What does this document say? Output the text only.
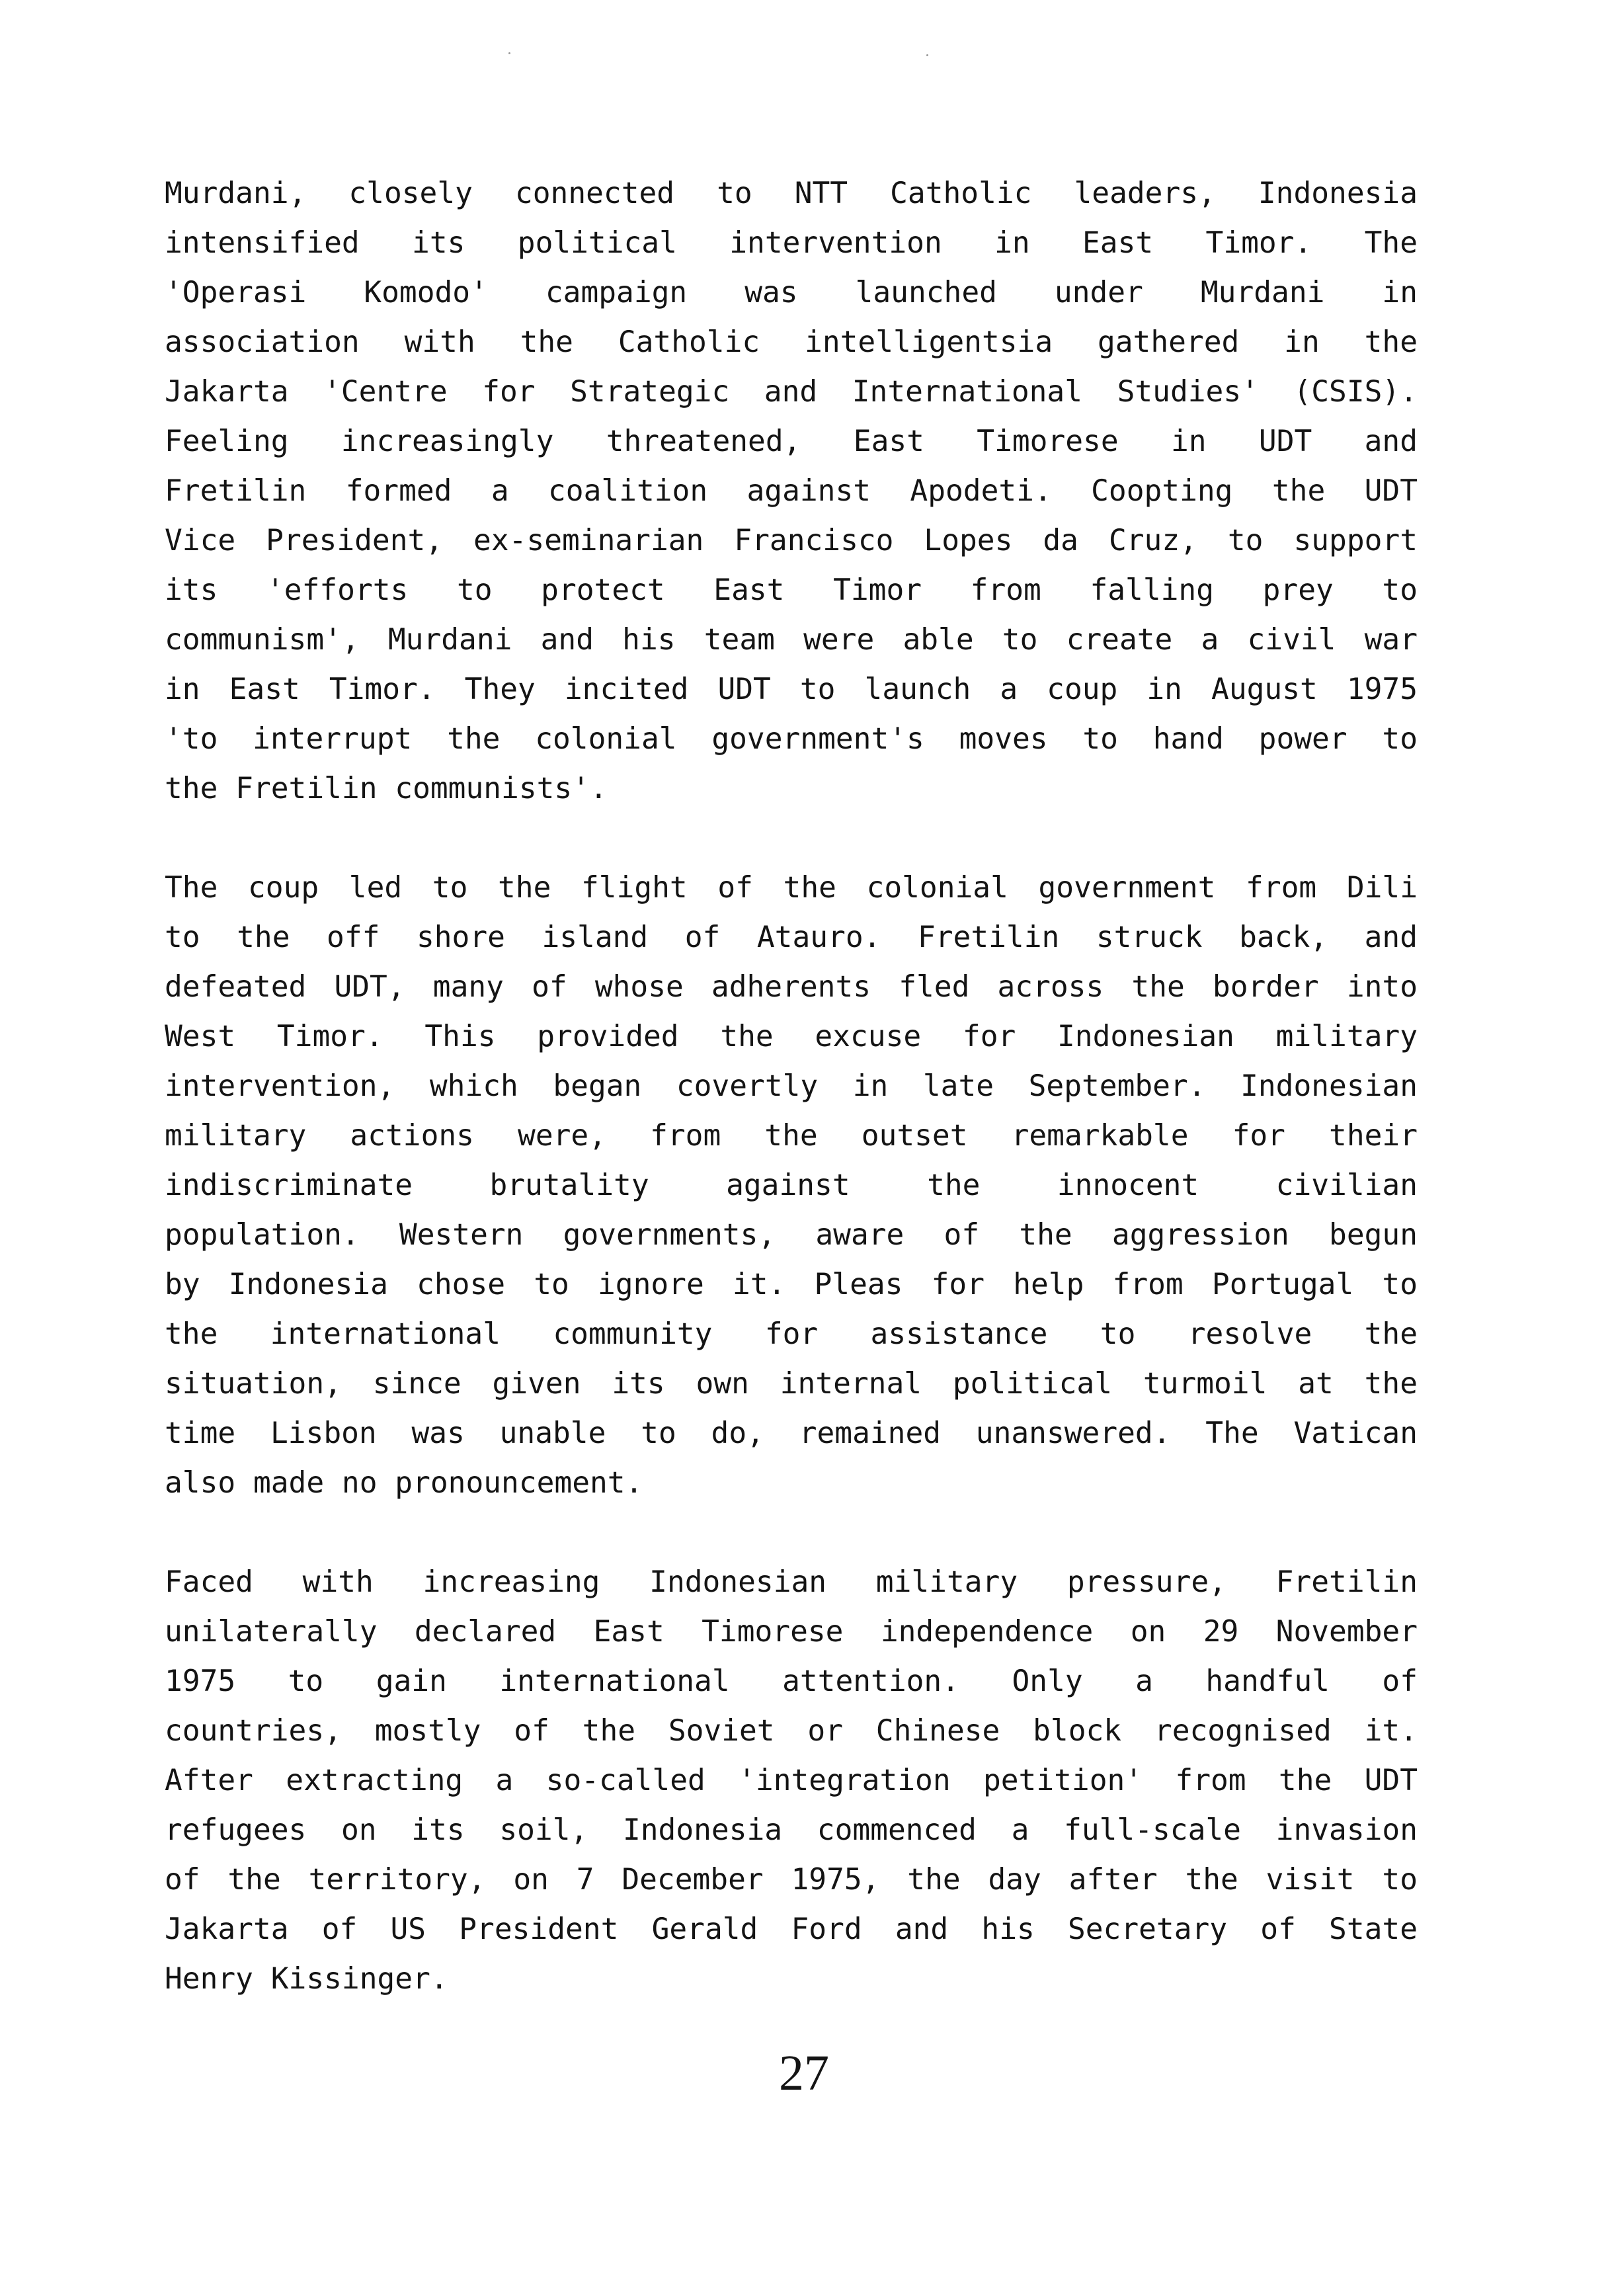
Murdani, closely connected to NTT Catholic leaders, Indonesia
intensified its political intervention in East Timor. The
'Operasi Komodo' campaign was launched under Murdani in
association with the Catholic intelligentsia gathered in the
Jakarta 'Centre for Strategic and International Studies' (CSIS).
Feeling increasingly threatened, East Timorese in UDT and
Fretilin formed a coalition against Apodeti. Coopting the UDT
Vice President, ex-seminarian Francisco Lopes da Cruz, to support
its 'efforts to protect East Timor from falling prey to
communism', Murdani and his team were able to create a civil war
in East Timor. They incited UDT to launch a coup in August 1975
'to interrupt the colonial government's moves to hand power to
the Fretilin communists'.

The coup led to the flight of the colonial government from Dili
to the off shore island of Atauro. Fretilin struck back, and
defeated UDT, many of whose adherents fled across the border into
West Timor. This provided the excuse for Indonesian military
intervention, which began covertly in late September. Indonesian
military actions were, from the outset remarkable for their
indiscriminate brutality against the innocent civilian
population. Western governments, aware of the aggression begun
by Indonesia chose to ignore it. Pleas for help from Portugal to
the international community for assistance to resolve the
situation, since given its own internal political turmoil at the
time Lisbon was unable to do, remained unanswered. The Vatican
also made no pronouncement.

Faced with increasing Indonesian military pressure, Fretilin
unilaterally declared East Timorese independence on 29 November
1975 to gain international attention. Only a handful of
countries, mostly of the Soviet or Chinese block recognised it.
After extracting a so-called 'integration petition' from the UDT
refugees on its soil, Indonesia commenced a full-scale invasion
of the territory, on 7 December 1975, the day after the visit to
Jakarta of US President Gerald Ford and his Secretary of State
Henry Kissinger.

27
